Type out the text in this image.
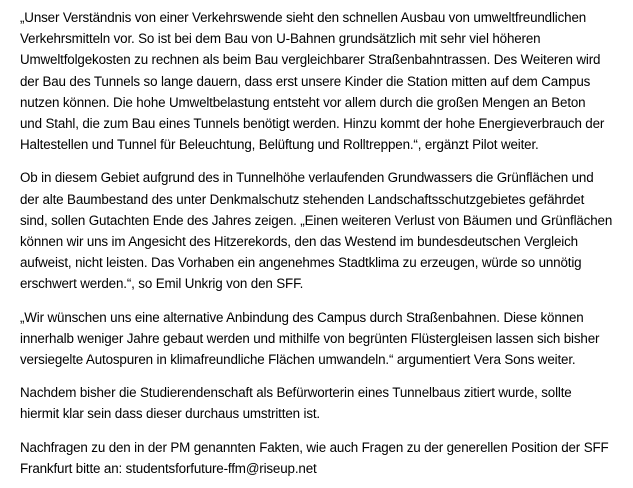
„Unser Verständnis von einer Verkehrswende sieht den schnellen Ausbau von umweltfreundlichen
Verkehrsmitteln vor. So ist bei dem Bau von U-Bahnen grundsätzlich mit sehr viel höheren
Umweltfolgekosten zu rechnen als beim Bau vergleichbarer Straßenbahntrassen. Des Weiteren wird
der Bau des Tunnels so lange dauern, dass erst unsere Kinder die Station mitten auf dem Campus
nutzen können. Die hohe Umweltbelastung entsteht vor allem durch die großen Mengen an Beton
und Stahl, die zum Bau eines Tunnels benötigt werden. Hinzu kommt der hohe Energieverbrauch der
Haltestellen und Tunnel für Beleuchtung, Belüftung und Rolltreppen.“, ergänzt Pilot weiter.

Ob in diesem Gebiet aufgrund des in Tunnelhöhe verlaufenden Grundwassers die Grünflächen und
der alte Baumbestand des unter Denkmalschutz stehenden Landschaftsschutzgebietes gefährdet
sind, sollen Gutachten Ende des Jahres zeigen. „Einen weiteren Verlust von Bäumen und Grünflächen
können wir uns im Angesicht des Hitzerekords, den das Westend im bundesdeutschen Vergleich
aufweist, nicht leisten. Das Vorhaben ein angenehmes Stadtklima zu erzeugen, würde so unnötig
erschwert werden.“, so Emil Unkrig von den SFF.

„Wir wünschen uns eine alternative Anbindung des Campus durch Straßenbahnen. Diese können
innerhalb weniger Jahre gebaut werden und mithilfe von begrünten Flüstergleisen lassen sich bisher
versiegelte Autospuren in klimafreundliche Flächen umwandeln.“ argumentiert Vera Sons weiter.

Nachdem bisher die Studierendenschaft als Befürworterin eines Tunnelbaus zitiert wurde, sollte
hiermit klar sein dass dieser durchaus umstritten ist.

Nachfragen zu den in der PM genannten Fakten, wie auch Fragen zu der generellen Position der SFF
Frankfurt bitte an: studentsforfuture-ffm@riseup.net
